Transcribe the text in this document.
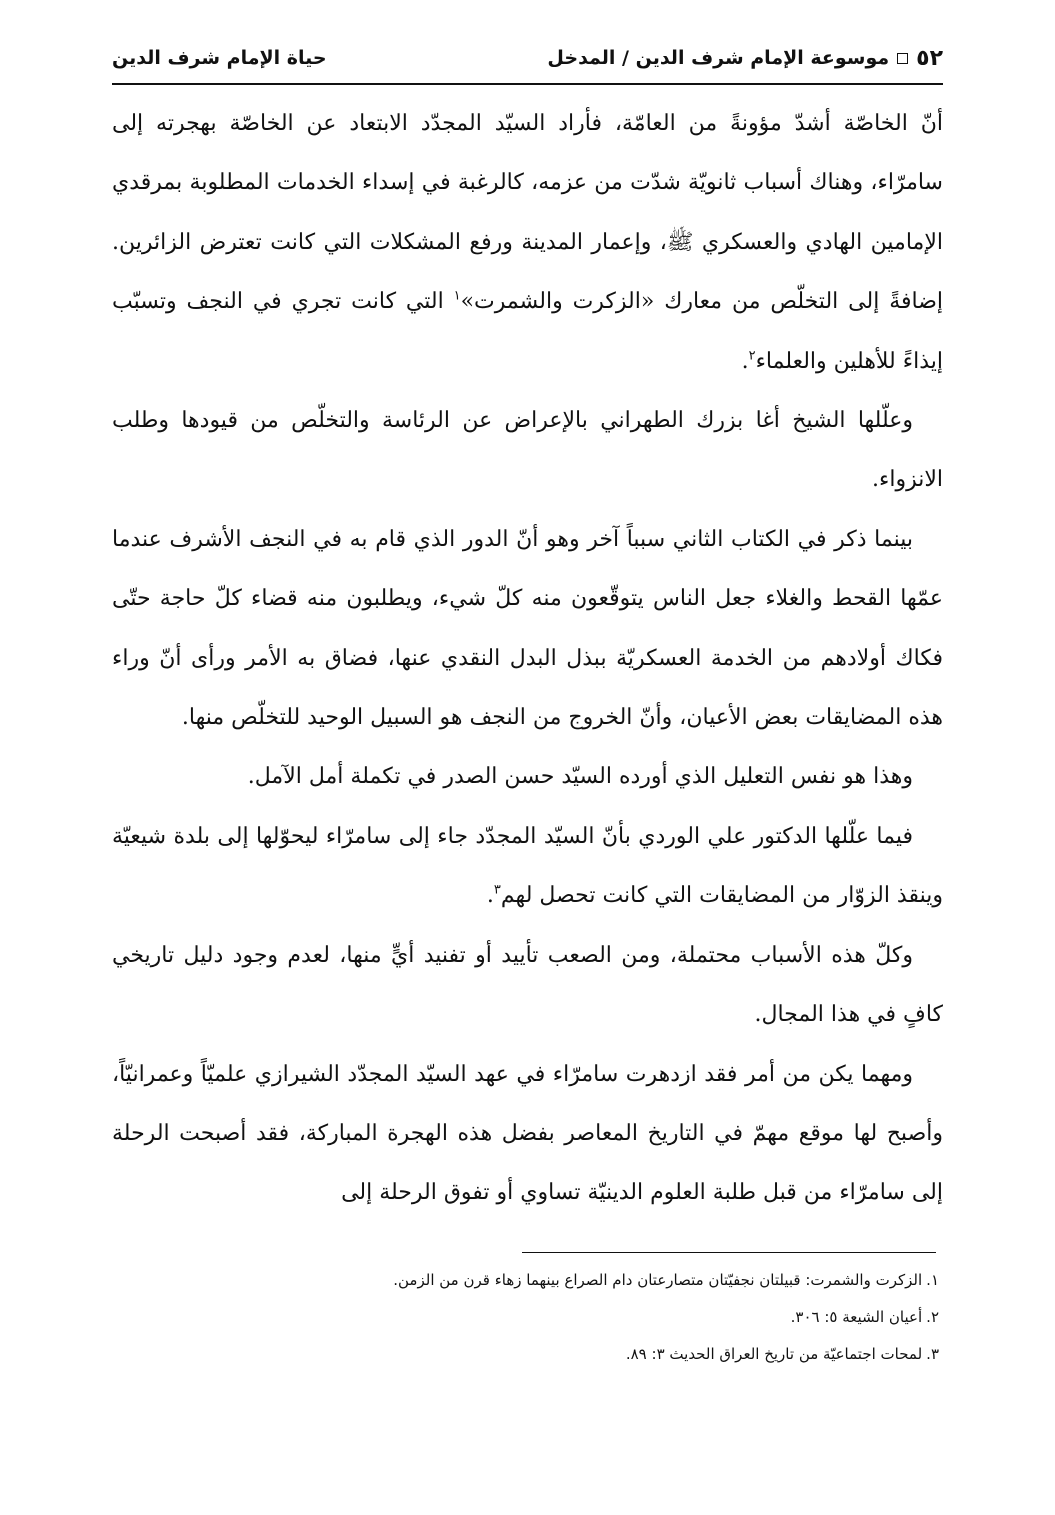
٥٢
موسوعة الإمام شرف الدين / المدخل
حياة الإمام شرف الدين

أنّ الخاصّة أشدّ مؤونةً من العامّة، فأراد السيّد المجدّد الابتعاد عن الخاصّة بهجرته إلى سامرّاء، وهناك أسباب ثانويّة شدّت من عزمه، كالرغبة في إسداء الخدمات المطلوبة بمرقدي الإمامين الهادي والعسكري ﷺ، وإعمار المدينة ورفع المشكلات التي كانت تعترض الزائرين. إضافةً إلى التخلّص من معارك «الزكرت والشمرت»$^١$ التي كانت تجري في النجف وتسبّب إيذاءً للأهلين والعلماء$^٢$.

وعلّلها الشيخ أغا بزرك الطهراني بالإعراض عن الرئاسة والتخلّص من قيودها وطلب الانزواء.

بينما ذكر في الكتاب الثاني سبباً آخر وهو أنّ الدور الذي قام به في النجف الأشرف عندما عمّها القحط والغلاء جعل الناس يتوقّعون منه كلّ شيء، ويطلبون منه قضاء كلّ حاجة حتّى فكاك أولادهم من الخدمة العسكريّة ببذل البدل النقدي عنها، فضاق به الأمر ورأى أنّ وراء هذه المضايقات بعض الأعيان، وأنّ الخروج من النجف هو السبيل الوحيد للتخلّص منها.

وهذا هو نفس التعليل الذي أورده السيّد حسن الصدر في تكملة أمل الآمل.

فيما علّلها الدكتور علي الوردي بأنّ السيّد المجدّد جاء إلى سامرّاء ليحوّلها إلى بلدة شيعيّة وينقذ الزوّار من المضايقات التي كانت تحصل لهم$^٣$.

وكلّ هذه الأسباب محتملة، ومن الصعب تأييد أو تفنيد أيٍّ منها، لعدم وجود دليل تاريخي كافٍ في هذا المجال.

ومهما يكن من أمر فقد ازدهرت سامرّاء في عهد السيّد المجدّد الشيرازي علميّاً وعمرانيّاً، وأصبح لها موقع مهمّ في التاريخ المعاصر بفضل هذه الهجرة المباركة، فقد أصبحت الرحلة إلى سامرّاء من قبل طلبة العلوم الدينيّة تساوي أو تفوق الرحلة إلى

١.
الزكرت والشمرت: قبيلتان نجفيّتان متصارعتان دام الصراع بينهما زهاء قرن من الزمن.
٢.
أعيان الشيعة ٥: ٣٠٦.
٣.
لمحات اجتماعيّة من تاريخ العراق الحديث ٣: ٨٩.
